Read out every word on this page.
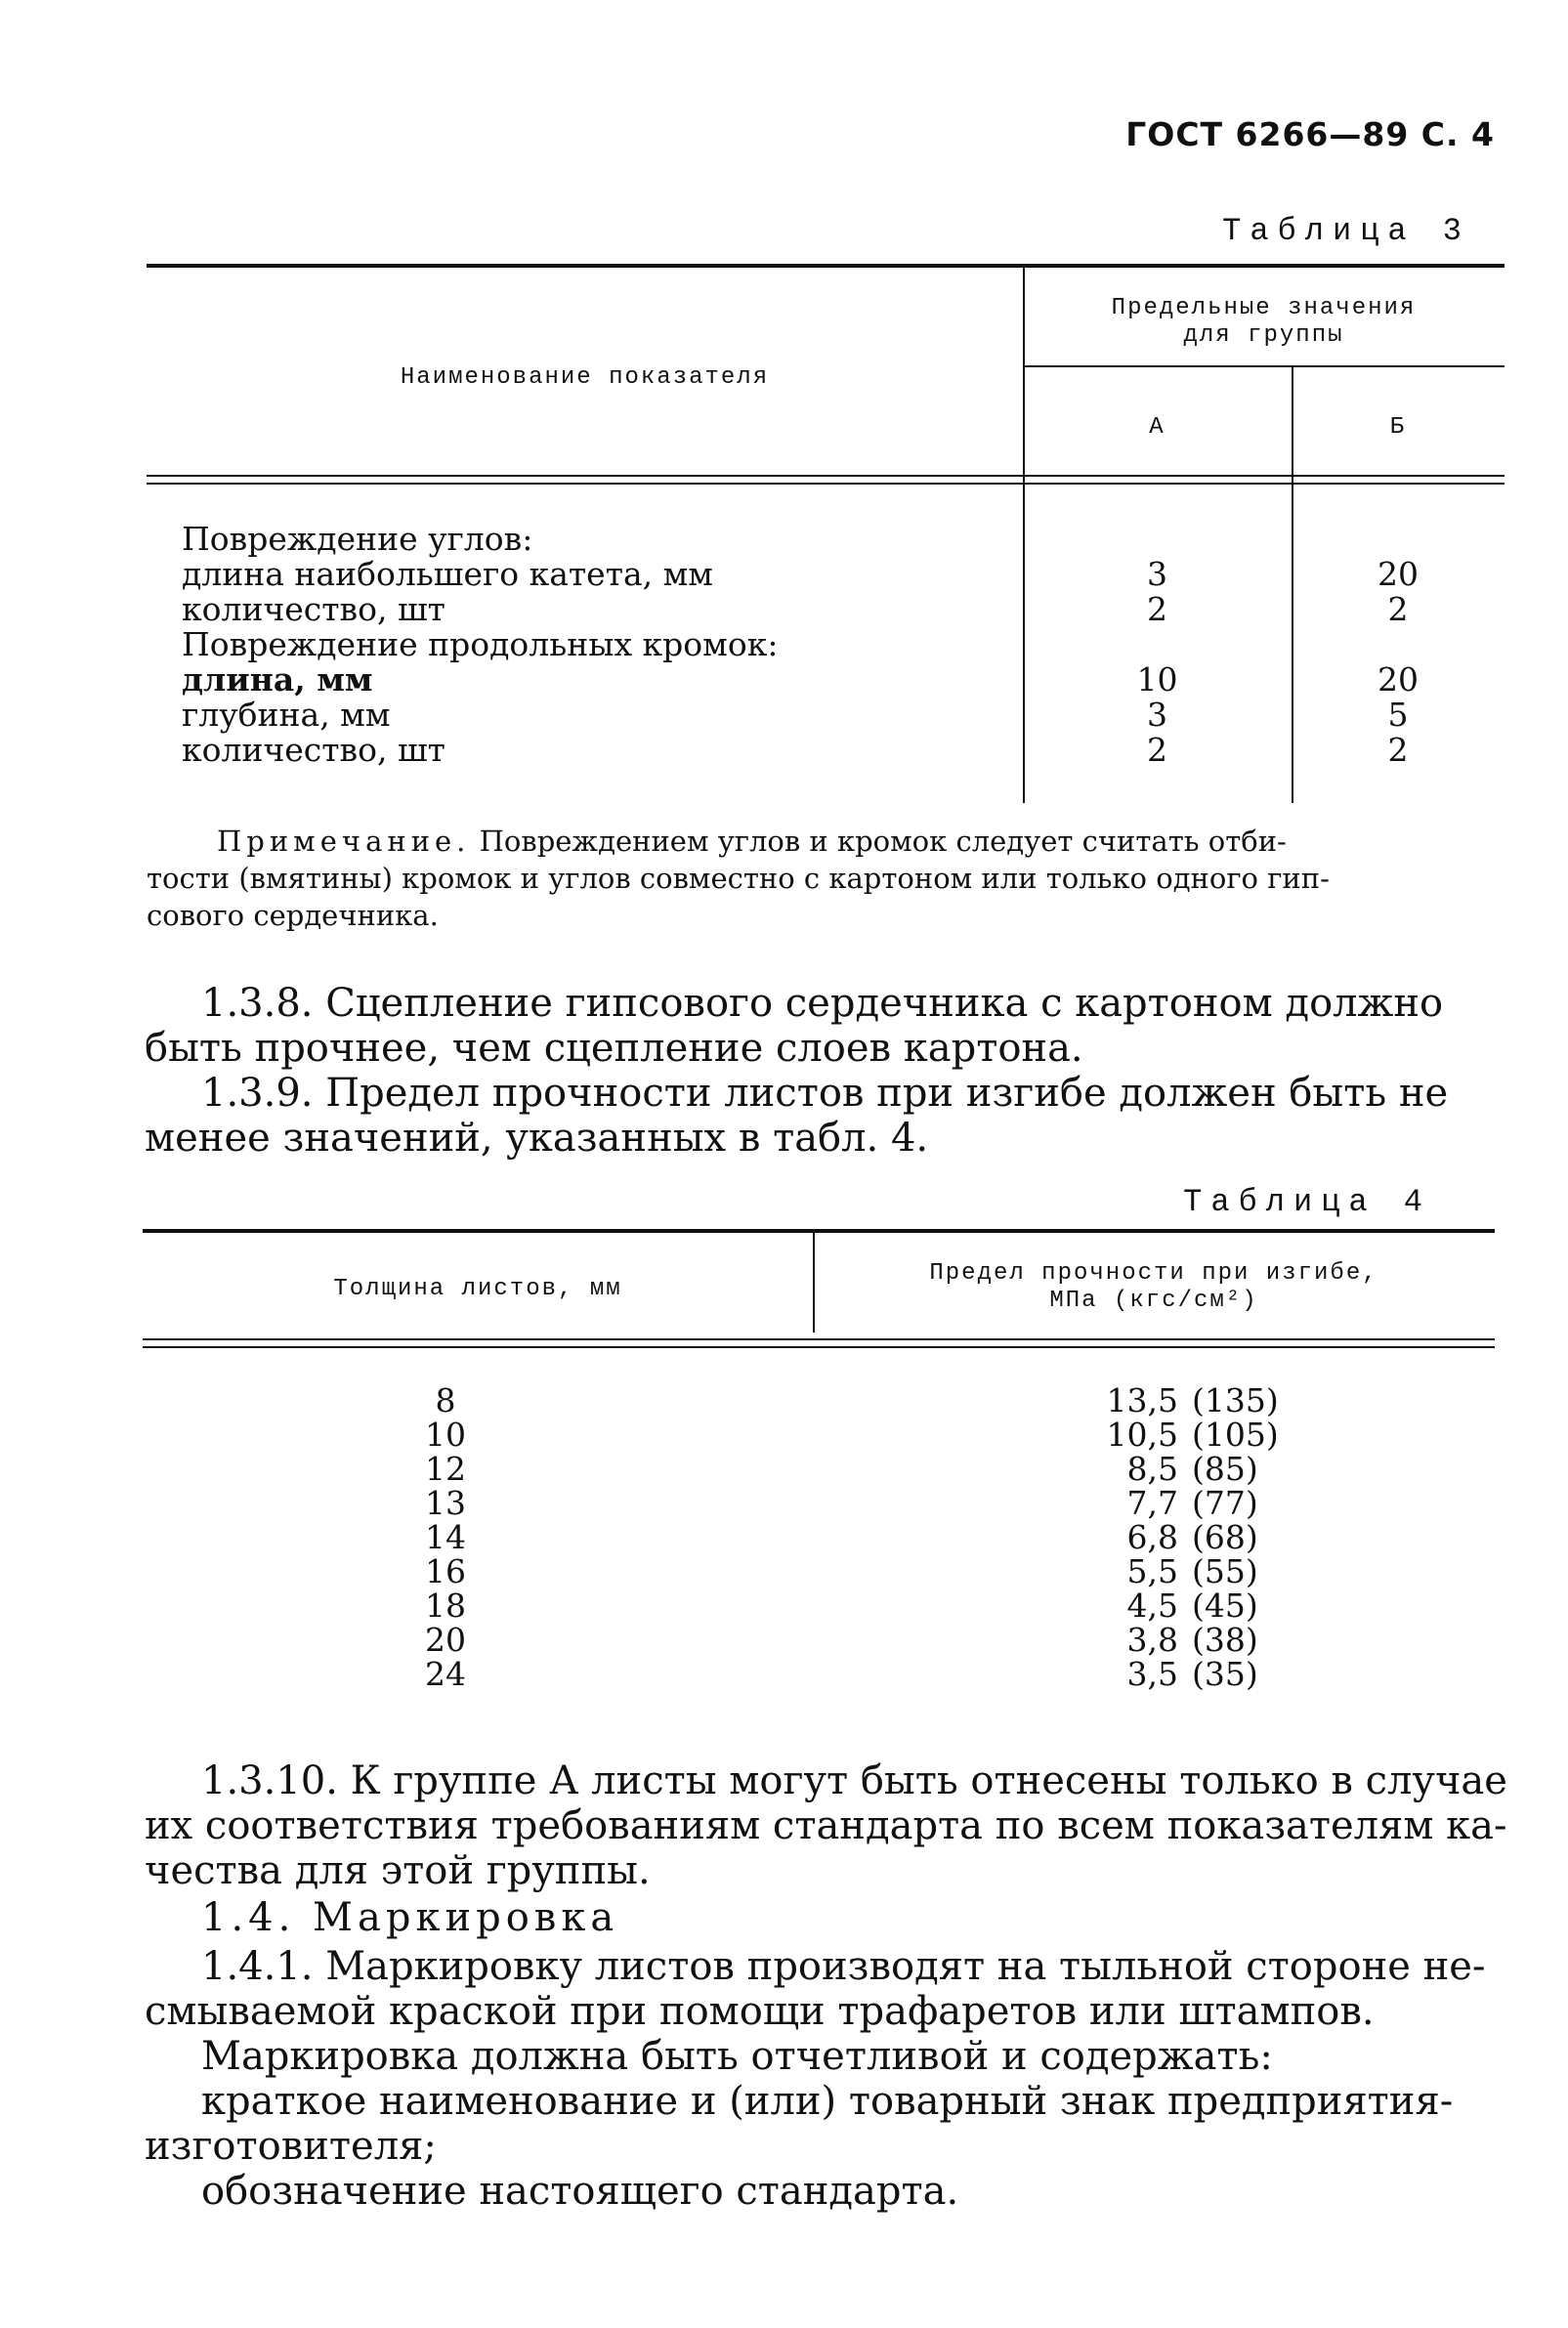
ГОСТ 6266—89 С. 4
Таблица 3
Наименование показателя
Предельные значения
для группы
А	Б
Повреждение углов:
длина наибольшего катета, мм	3	20
количество, шт	2	2
Повреждение продольных кромок:
длина, мм	10	20
глубина, мм	3	5
количество, шт	2	2
Примечание. Повреждением углов и кромок следует считать отби-
тости (вмятины) кромок и углов совместно с картоном или только одного гип-
сового сердечника.
1.3.8. Сцепление гипсового сердечника с картоном должно
быть прочнее, чем сцепление слоев картона.
1.3.9. Предел прочности листов при изгибе должен быть не
менее значений, указанных в табл. 4.
Таблица 4
Толщина листов, мм
Предел прочности при изгибе,
МПа (кгс/см²)
8	13,5 (135)
10	10,5 (105)
12	8,5 (85)
13	7,7 (77)
14	6,8 (68)
16	5,5 (55)
18	4,5 (45)
20	3,8 (38)
24	3,5 (35)
1.3.10. К группе А листы могут быть отнесены только в случае
их соответствия требованиям стандарта по всем показателям ка-
чества для этой группы.
1.4. Маркировка
1.4.1. Маркировку листов производят на тыльной стороне не-
смываемой краской при помощи трафаретов или штампов.
Маркировка должна быть отчетливой и содержать:
краткое наименование и (или) товарный знак предприятия-
изготовителя;
обозначение настоящего стандарта.
